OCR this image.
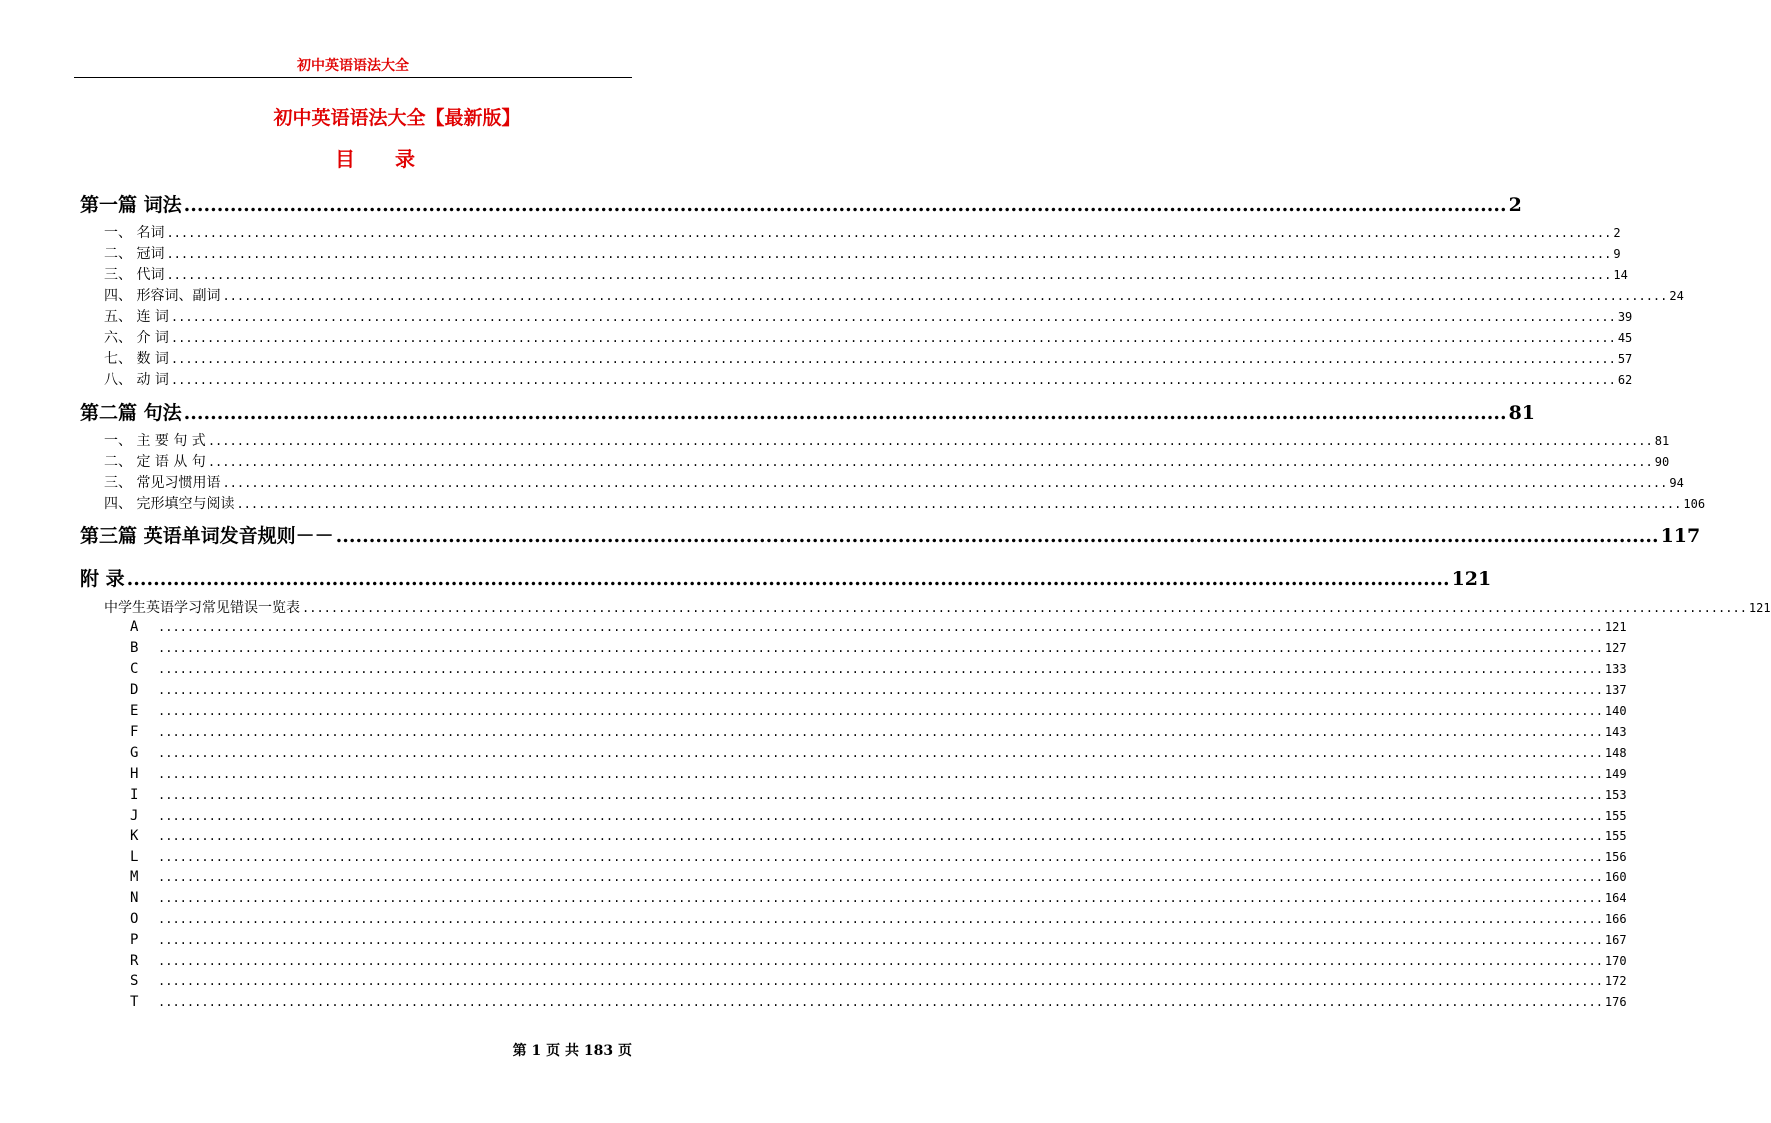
初中英语语法大全
初中英语语法大全【最新版】
目录
第一篇 词法 ........................................................................................................................................................................................................ 2
一、 名词 ........................................................................................................................................................................................................ 2
二、 冠词 ........................................................................................................................................................................................................ 9
三、 代词 ........................................................................................................................................................................................................ 14
四、 形容词、副词 ........................................................................................................................................................................................................ 24
五、 连 词 ........................................................................................................................................................................................................ 39
六、 介 词 ........................................................................................................................................................................................................ 45
七、 数 词 ........................................................................................................................................................................................................ 57
八、 动 词 ........................................................................................................................................................................................................ 62
第二篇 句法 ........................................................................................................................................................................................................ 81
一、 主 要 句 式 ........................................................................................................................................................................................................ 81
二、 定 语 从 句 ........................................................................................................................................................................................................ 90
三、 常见习惯用语 ........................................................................................................................................................................................................ 94
四、 完形填空与阅读 ........................................................................................................................................................................................................ 106
第三篇 英语单词发音规则－－ ........................................................................................................................................................................................................ 117
附 录 ........................................................................................................................................................................................................ 121
中学生英语学习常见错误一览表 ........................................................................................................................................................................................................ 121
A	........................................................................................................................................................................................................ 121
B	........................................................................................................................................................................................................ 127
C	........................................................................................................................................................................................................ 133
D	........................................................................................................................................................................................................ 137
E	........................................................................................................................................................................................................ 140
F	........................................................................................................................................................................................................ 143
G	........................................................................................................................................................................................................ 148
H	........................................................................................................................................................................................................ 149
I	........................................................................................................................................................................................................ 153
J	........................................................................................................................................................................................................ 155
K	........................................................................................................................................................................................................ 155
L	........................................................................................................................................................................................................ 156
M	........................................................................................................................................................................................................ 160
N	........................................................................................................................................................................................................ 164
O	........................................................................................................................................................................................................ 166
P	........................................................................................................................................................................................................ 167
R	........................................................................................................................................................................................................ 170
S	........................................................................................................................................................................................................ 172
T	........................................................................................................................................................................................................ 176
第 1 页 共 183 页
